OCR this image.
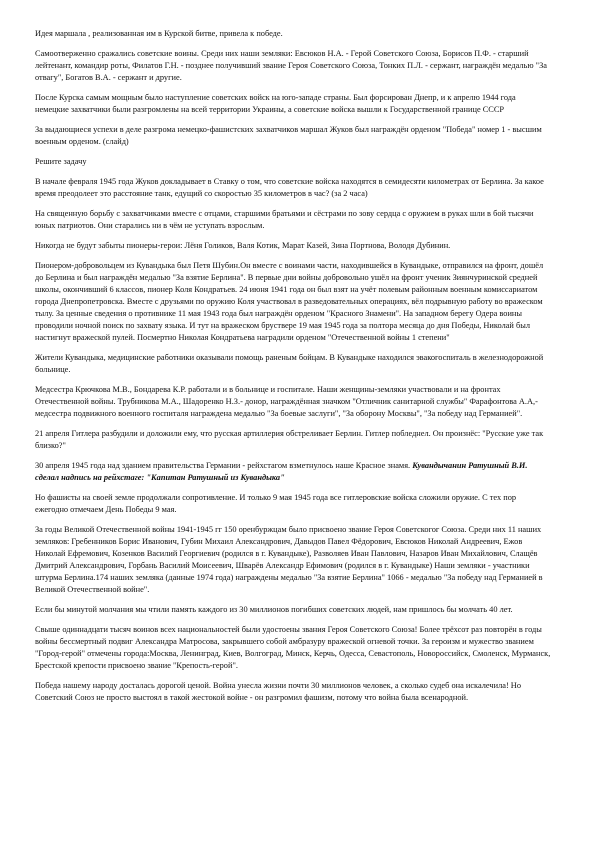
Идея маршала , реализованная им в Курской битве, привела к победе.

Самоотверженно сражались советские воины. Среди них наши земляки: Евсюков Н.А. - Герой Советского Союза, Борисов П.Ф. - старший лейтенант, командир роты, Филатов Г.Н. - позднее получивший звание Героя Советского Союза, Тонких П.Л. - сержант, награждён медалью "За отвагу", Богатов В.А. - сержант и другие.

После Курска самым мощным было наступление советских войск на юго-западе страны. Был форсирован Днепр, и к апрелю 1944 года немецкие захватчики были разгромлены на всей территории Украины, а советские войска вышли к Государственной границе СССР

За выдающиеся успехи в деле разгрома немецко-фашистских захватчиков маршал Жуков был награждён орденом "Победа" номер 1 - высшим военным орденом. (слайд)

Решите задачу

В начале февраля 1945 года Жуков докладывает в Ставку о том, что советские войска находятся в семидесяти километрах от Берлина. За какое время преодолеет это расстояние танк, едущий со скоростью 35 километров в час? (за 2 часа)

На священную борьбу с захватчиками вместе с отцами, старшими братьями и сёстрами по зову сердца с оружием в руках шли в бой тысячи юных патриотов. Они старались ни в чём не уступать взрослым.

Никогда не будут забыты пионеры-герои: Лёня Голиков, Валя Котик, Марат Казей, Зина Портнова, Володя Дубинин.

Пионером-добровольцем из Кувандыка был Петя Шубин.Он вместе с воинами части, находившейся в Кувандыке, отправился на фронт, дошёл до Берлина и был награждён медалью "За взятие Берлина". В первые дни войны добровольно ушёл на фронт ученик Зиянчуринской средней школы, окончивший 6 классов, пионер Коля Кондратьев. 24 июня 1941 года он был взят на учёт полевым районным военным комиссариатом города Днепропетровска. Вместе с друзьями по оружию Коля участвовал в разведовательных операциях, вёл подрывную работу во вражеском тылу. За ценные сведения о противнике 11 мая 1943 года был награждён орденом "Красного Знамени". На западном берегу Одера воины проводили ночной поиск по захвату языка. И тут на вражеском бруствере 19 мая 1945 года за полтора месяца до дня Победы, Николай был настигнут вражеской пулей. Посмертно Николая Кондратьева наградили орденом "Отечественной войны 1 степени"

Жители Кувандыка, медицинские работники оказывали помощь раненым бойцам. В Кувандыке находился эвакогоспиталь в железнодорожной больнице.

Медсестра Крючкова М.В., Бондарева К.Р. работали и в больнице и госпитале. Наши женщины-земляки участвовали и на фронтах Отечественной войны. Трубникова М.А., Шадоренко Н.З.- донор, награждённая значком "Отличник санитарной службы" Фарафонтова А.А,- медсестра подвижного военного госпиталя награждена медалью "За боевые заслуги", "За оборону Москвы", "За победу над Германией".

21 апреля Гитлера разбудили и доложили ему, что русская артиллерия обстреливает Берлин. Гитлер побледнел. Он произнёс: "Русские уже так близко?"

30 апреля 1945 года над зданием правительства Германии - рейхстагом взметнулось наше Красное знамя. Кувандычанин Ратушный В.И. сделал надпись на рейхстаге: "Капитан Ратушный из Кувандыка"

Но фашисты на своей земле продолжали сопротивление. И только 9 мая 1945 года все гитлеровские войска сложили оружие. С тех пор ежегодно отмечаем День Победы 9 мая.

За годы Великой Отечественной войны 1941-1945 гг 150 оренбуржцам было присвоено звание Героя Советскогог Союза. Среди них 11 наших земляков: Гребенников Борис Иванович, Губин Михаил Александрович, Давыдов Павел Фёдорович, Евсюков Николай Андреевич, Ежов Николай Ефремович, Козенков Василий Георгиевич (родился в г. Кувандыке), Разволяев Иван Павлович, Назаров Иван Михайлович, Слащёв Дмитрий Александрович, Горбань Василий Моисеевич, Шварёв Александр Ефимович (родился в г. Кувандыке) Наши земляки - участники штурма Берлина.174 наших земляка (данные 1974 года) награждены медалью "За взятие Берлина" 1066 - медалью "За победу над Германией в Великой Отечественной войне".

Если бы минутой молчания мы чтили память каждого из 30 миллионов погибших советских людей, нам пришлось бы молчать 40 лет.

Свыше одиннадцати тысяч воинов всех национальностей были удостоены звания Героя Советского Союза! Более трёхсот раз повторён в годы войны бессмертный подвиг Александра Матросова, закрывшего собой амбразуру вражеской огневой точки. За героизм и мужество званием "Город-герой" отмечены города:Москва, Ленинград, Киев, Волгоград, Минск, Керчь, Одесса, Севастополь, Новороссийск, Смоленск, Мурманск, Брестской крепости присвоено звание "Крепость-герой".

Победа нашему народу досталась дорогой ценой. Война унесла жизни почти 30 миллионов человек, а сколько судеб она искалечила! Но Советский Союз не просто выстоял в такой жестокой войне - он разгромил фашизм, потому что война была всенародной.
